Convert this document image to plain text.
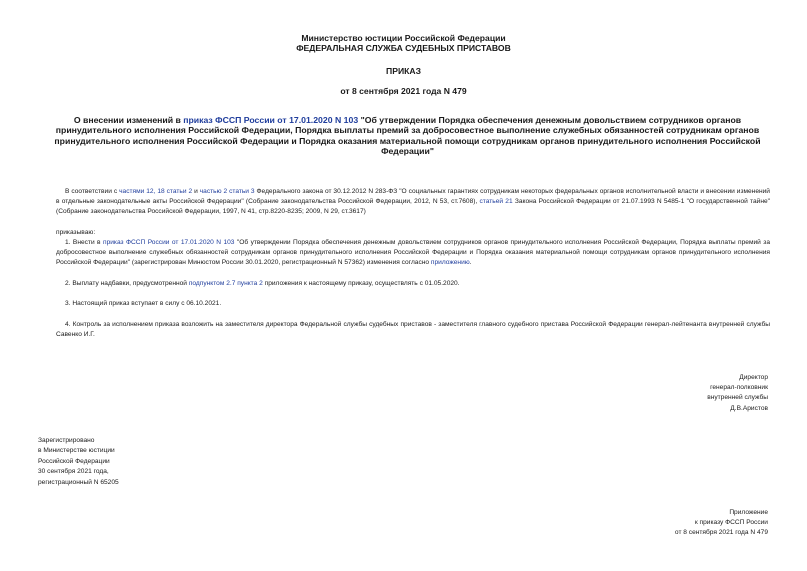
Министерство юстиции Российской Федерации
ФЕДЕРАЛЬНАЯ СЛУЖБА СУДЕБНЫХ ПРИСТАВОВ
ПРИКАЗ
от 8 сентября 2021 года N 479
О внесении изменений в приказ ФССП России от 17.01.2020 N 103 "Об утверждении Порядка обеспечения денежным довольствием сотрудников органов принудительного исполнения Российской Федерации, Порядка выплаты премий за добросовестное выполнение служебных обязанностей сотрудникам органов принудительного исполнения Российской Федерации и Порядка оказания материальной помощи сотрудникам органов принудительного исполнения Российской Федерации"
В соответствии с частями 12, 18 статьи 2 и частью 2 статьи 3 Федерального закона от 30.12.2012 N 283-ФЗ "О социальных гарантиях сотрудникам некоторых федеральных органов исполнительной власти и внесении изменений в отдельные законодательные акты Российской Федерации" (Собрание законодательства Российской Федерации, 2012, N 53, ст.7608), статьей 21 Закона Российской Федерации от 21.07.1993 N 5485-1 "О государственной тайне" (Собрание законодательства Российской Федерации, 1997, N 41, стр.8220-8235; 2009, N 29, ст.3617)
приказываю:
1. Внести в приказ ФССП России от 17.01.2020 N 103 "Об утверждении Порядка обеспечения денежным довольствием сотрудников органов принудительного исполнения Российской Федерации, Порядка выплаты премий за добросовестное выполнение служебных обязанностей сотрудникам органов принудительного исполнения Российской Федерации и Порядка оказания материальной помощи сотрудникам органов принудительного исполнения Российской Федерации" (зарегистрирован Минюстом России 30.01.2020, регистрационный N 57362) изменения согласно приложению.
2. Выплату надбавки, предусмотренной подпунктом 2.7 пункта 2 приложения к настоящему приказу, осуществлять с 01.05.2020.
3. Настоящий приказ вступает в силу с 06.10.2021.
4. Контроль за исполнением приказа возложить на заместителя директора Федеральной службы судебных приставов - заместителя главного судебного пристава Российской Федерации генерал-лейтенанта внутренней службы Савенко И.Г.
Директор
генерал-полковник
внутренней службы
Д.В.Аристов
Зарегистрировано
в Министерстве юстиции
Российской Федерации
30 сентября 2021 года,
регистрационный N 65205
Приложение
к приказу ФССП России
от 8 сентября 2021 года N 479
